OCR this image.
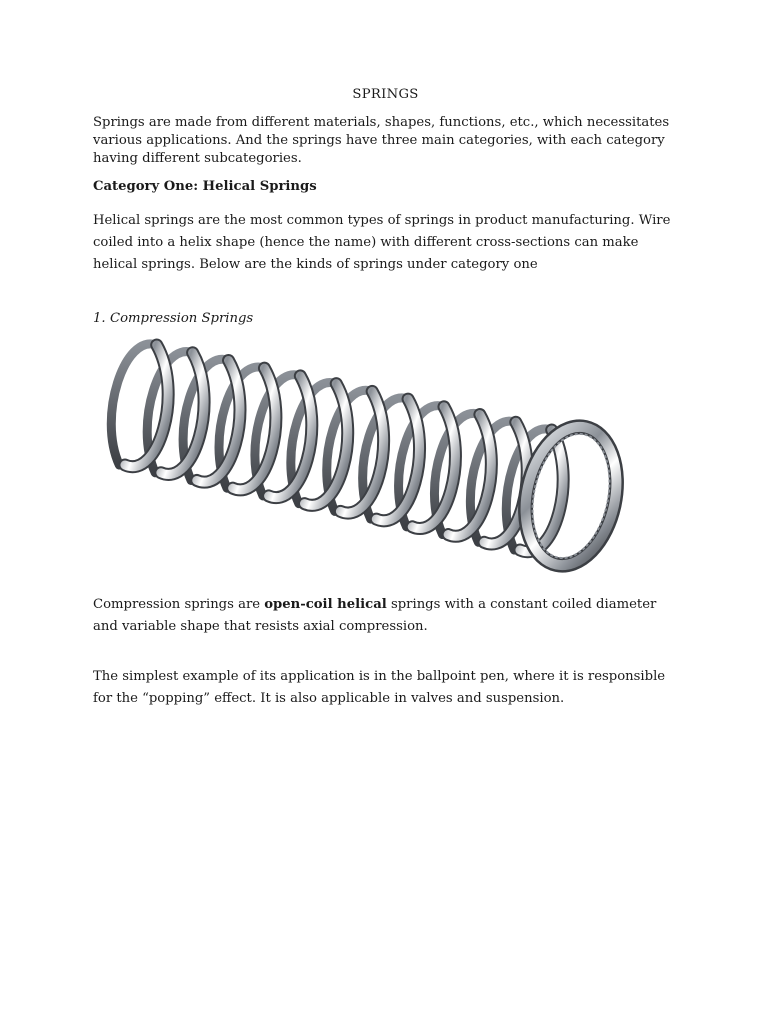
SPRINGS

Springs are made from different materials, shapes, functions, etc., which necessitates various applications. And the springs have three main categories, with each category having different subcategories.

Category One: Helical Springs

Helical springs are the most common types of springs in product manufacturing. Wire coiled into a helix shape (hence the name) with different cross-sections can make helical springs. Below are the kinds of springs under category one

1. Compression Springs

Compression springs are open-coil helical springs with a constant coiled diameter and variable shape that resists axial compression.

The simplest example of its application is in the ballpoint pen, where it is responsible for the “popping” effect. It is also applicable in valves and suspension.
